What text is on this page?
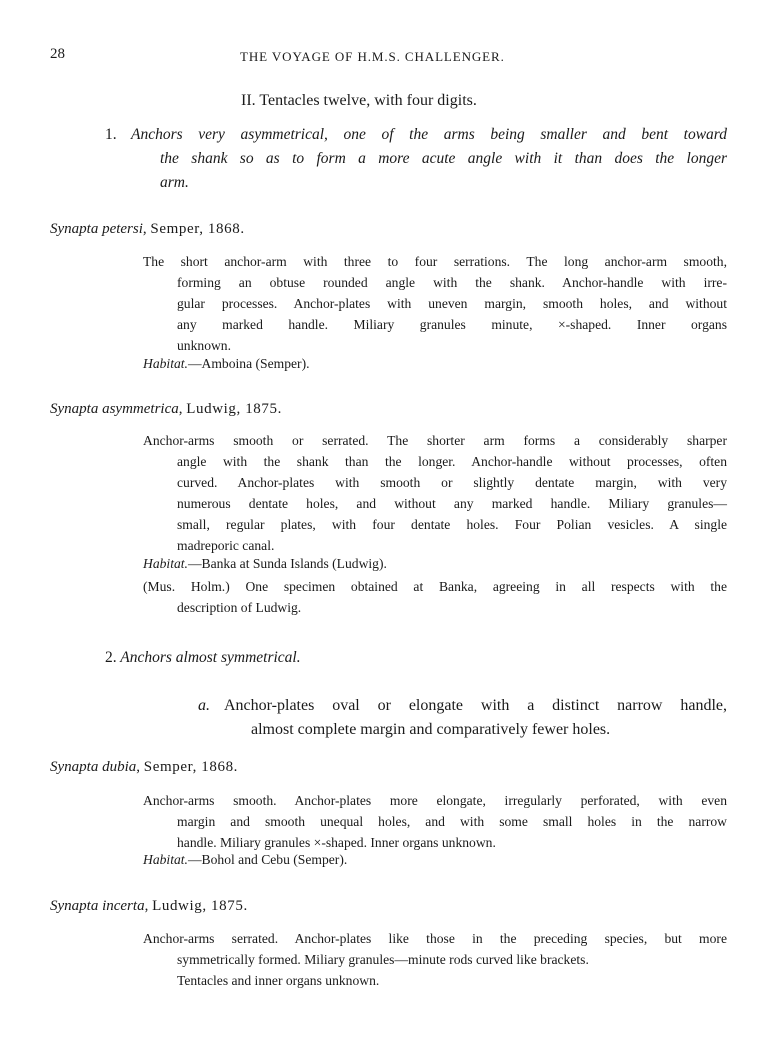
28	THE VOYAGE OF H.M.S. CHALLENGER.
II. Tentacles twelve, with four digits.
1. Anchors very asymmetrical, one of the arms being smaller and bent toward
the shank so as to form a more acute angle with it than does the longer
arm.
Synapta petersi, Semper, 1868.
The short anchor-arm with three to four serrations. The long anchor-arm smooth,
forming an obtuse rounded angle with the shank. Anchor-handle with irre-
gular processes. Anchor-plates with uneven margin, smooth holes, and without
any marked handle. Miliary granules minute, ×-shaped. Inner organs
unknown.
Habitat.—Amboina (Semper).
Synapta asymmetrica, Ludwig, 1875.
Anchor-arms smooth or serrated. The shorter arm forms a considerably sharper
angle with the shank than the longer. Anchor-handle without processes, often
curved. Anchor-plates with smooth or slightly dentate margin, with very
numerous dentate holes, and without any marked handle. Miliary granules—
small, regular plates, with four dentate holes. Four Polian vesicles. A single
madreporic canal.
Habitat.—Banka at Sunda Islands (Ludwig).
(Mus. Holm.) One specimen obtained at Banka, agreeing in all respects with the
description of Ludwig.
2. Anchors almost symmetrical.
a. Anchor-plates oval or elongate with a distinct narrow handle,
almost complete margin and comparatively fewer holes.
Synapta dubia, Semper, 1868.
Anchor-arms smooth. Anchor-plates more elongate, irregularly perforated, with even
margin and smooth unequal holes, and with some small holes in the narrow
handle. Miliary granules ×-shaped. Inner organs unknown.
Habitat.—Bohol and Cebu (Semper).
Synapta incerta, Ludwig, 1875.
Anchor-arms serrated. Anchor-plates like those in the preceding species, but more
symmetrically formed. Miliary granules—minute rods curved like brackets.
Tentacles and inner organs unknown.
